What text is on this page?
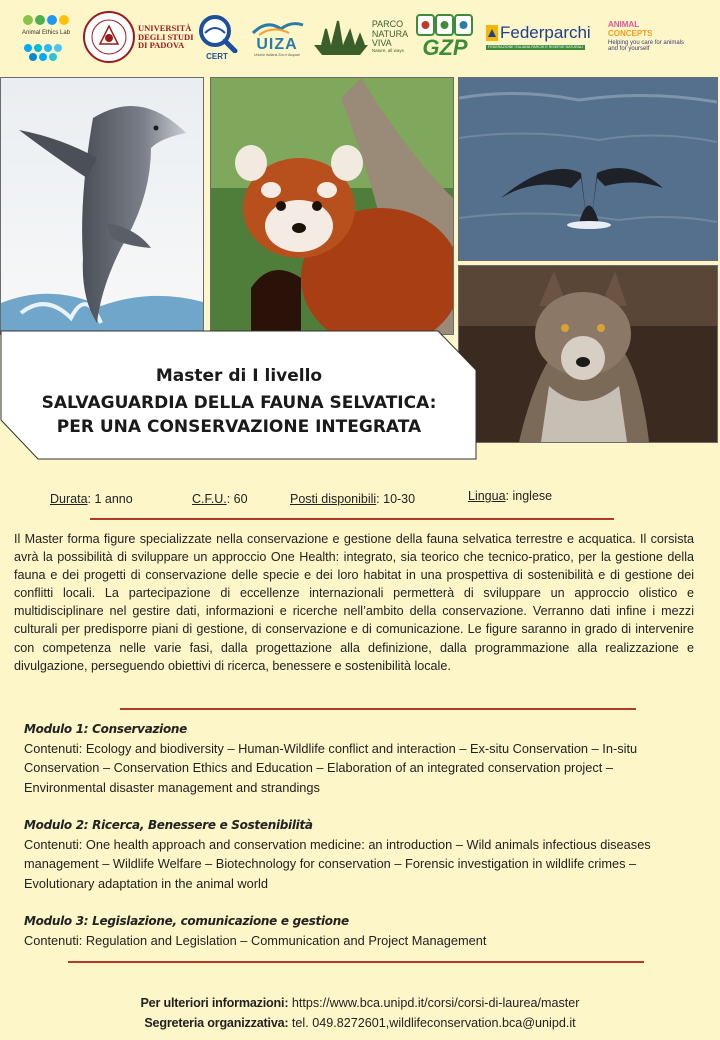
Animal Ethics Lab
UNIVERSITÀ
DEGLI STUDI
DI PADOVA
CERT
UIZA
Unione Italiana Zoo e Acquari
PARCO
NATURA
VIVA
Nature, all ways GZP
Federparchi
FEDERAZIONE ITALIANA PARCHI E RISERVE NATURALI
ANIMAL
CONCEPTS
Helping you care for animals
and for yourself
Master di I livello
SALVAGUARDIA DELLA FAUNA SELVATICA:
PER UNA CONSERVAZIONE INTEGRATA
Durata: 1 anno	C.F.U.: 60	Posti disponibili: 10-30	Lingua: inglese
Il Master forma figure specializzate nella conservazione e gestione della fauna selvatica terrestre e acquatica. Il corsista avrà la possibilità di sviluppare un approccio One Health: integrato, sia teorico che tecnico-pratico, per la gestione della fauna e dei progetti di conservazione delle specie e dei loro habitat in una prospettiva di sostenibilità e di gestione dei conflitti locali. La partecipazione di eccellenze internazionali permetterà di sviluppare un approccio olistico e multidisciplinare nel gestire dati, informazioni e ricerche nell’ambito della conservazione. Verranno dati infine i mezzi culturali per predisporre piani di gestione, di conservazione e di comunicazione. Le figure saranno in grado di intervenire con competenza nelle varie fasi, dalla progettazione alla definizione, dalla programmazione alla realizzazione e divulgazione, perseguendo obiettivi di ricerca, benessere e sostenibilità locale.
Modulo 1: Conservazione
Contenuti: Ecology and biodiversity – Human-Wildlife conflict and interaction – Ex-situ Conservation – In-situ Conservation – Conservation Ethics and Education – Elaboration of an integrated conservation project – Environmental disaster management and strandings
Modulo 2: Ricerca, Benessere e Sostenibilità
Contenuti: One health approach and conservation medicine: an introduction – Wild animals infectious diseases management – Wildlife Welfare – Biotechnology for conservation – Forensic investigation in wildlife crimes – Evolutionary adaptation in the animal world
Modulo 3: Legislazione, comunicazione e gestione
Contenuti: Regulation and Legislation – Communication and Project Management
Per ulteriori informazioni: https://www.bca.unipd.it/corsi/corsi-di-laurea/master
Segreteria organizzativa: tel. 049.8272601,wildlifeconservation.bca@unipd.it
